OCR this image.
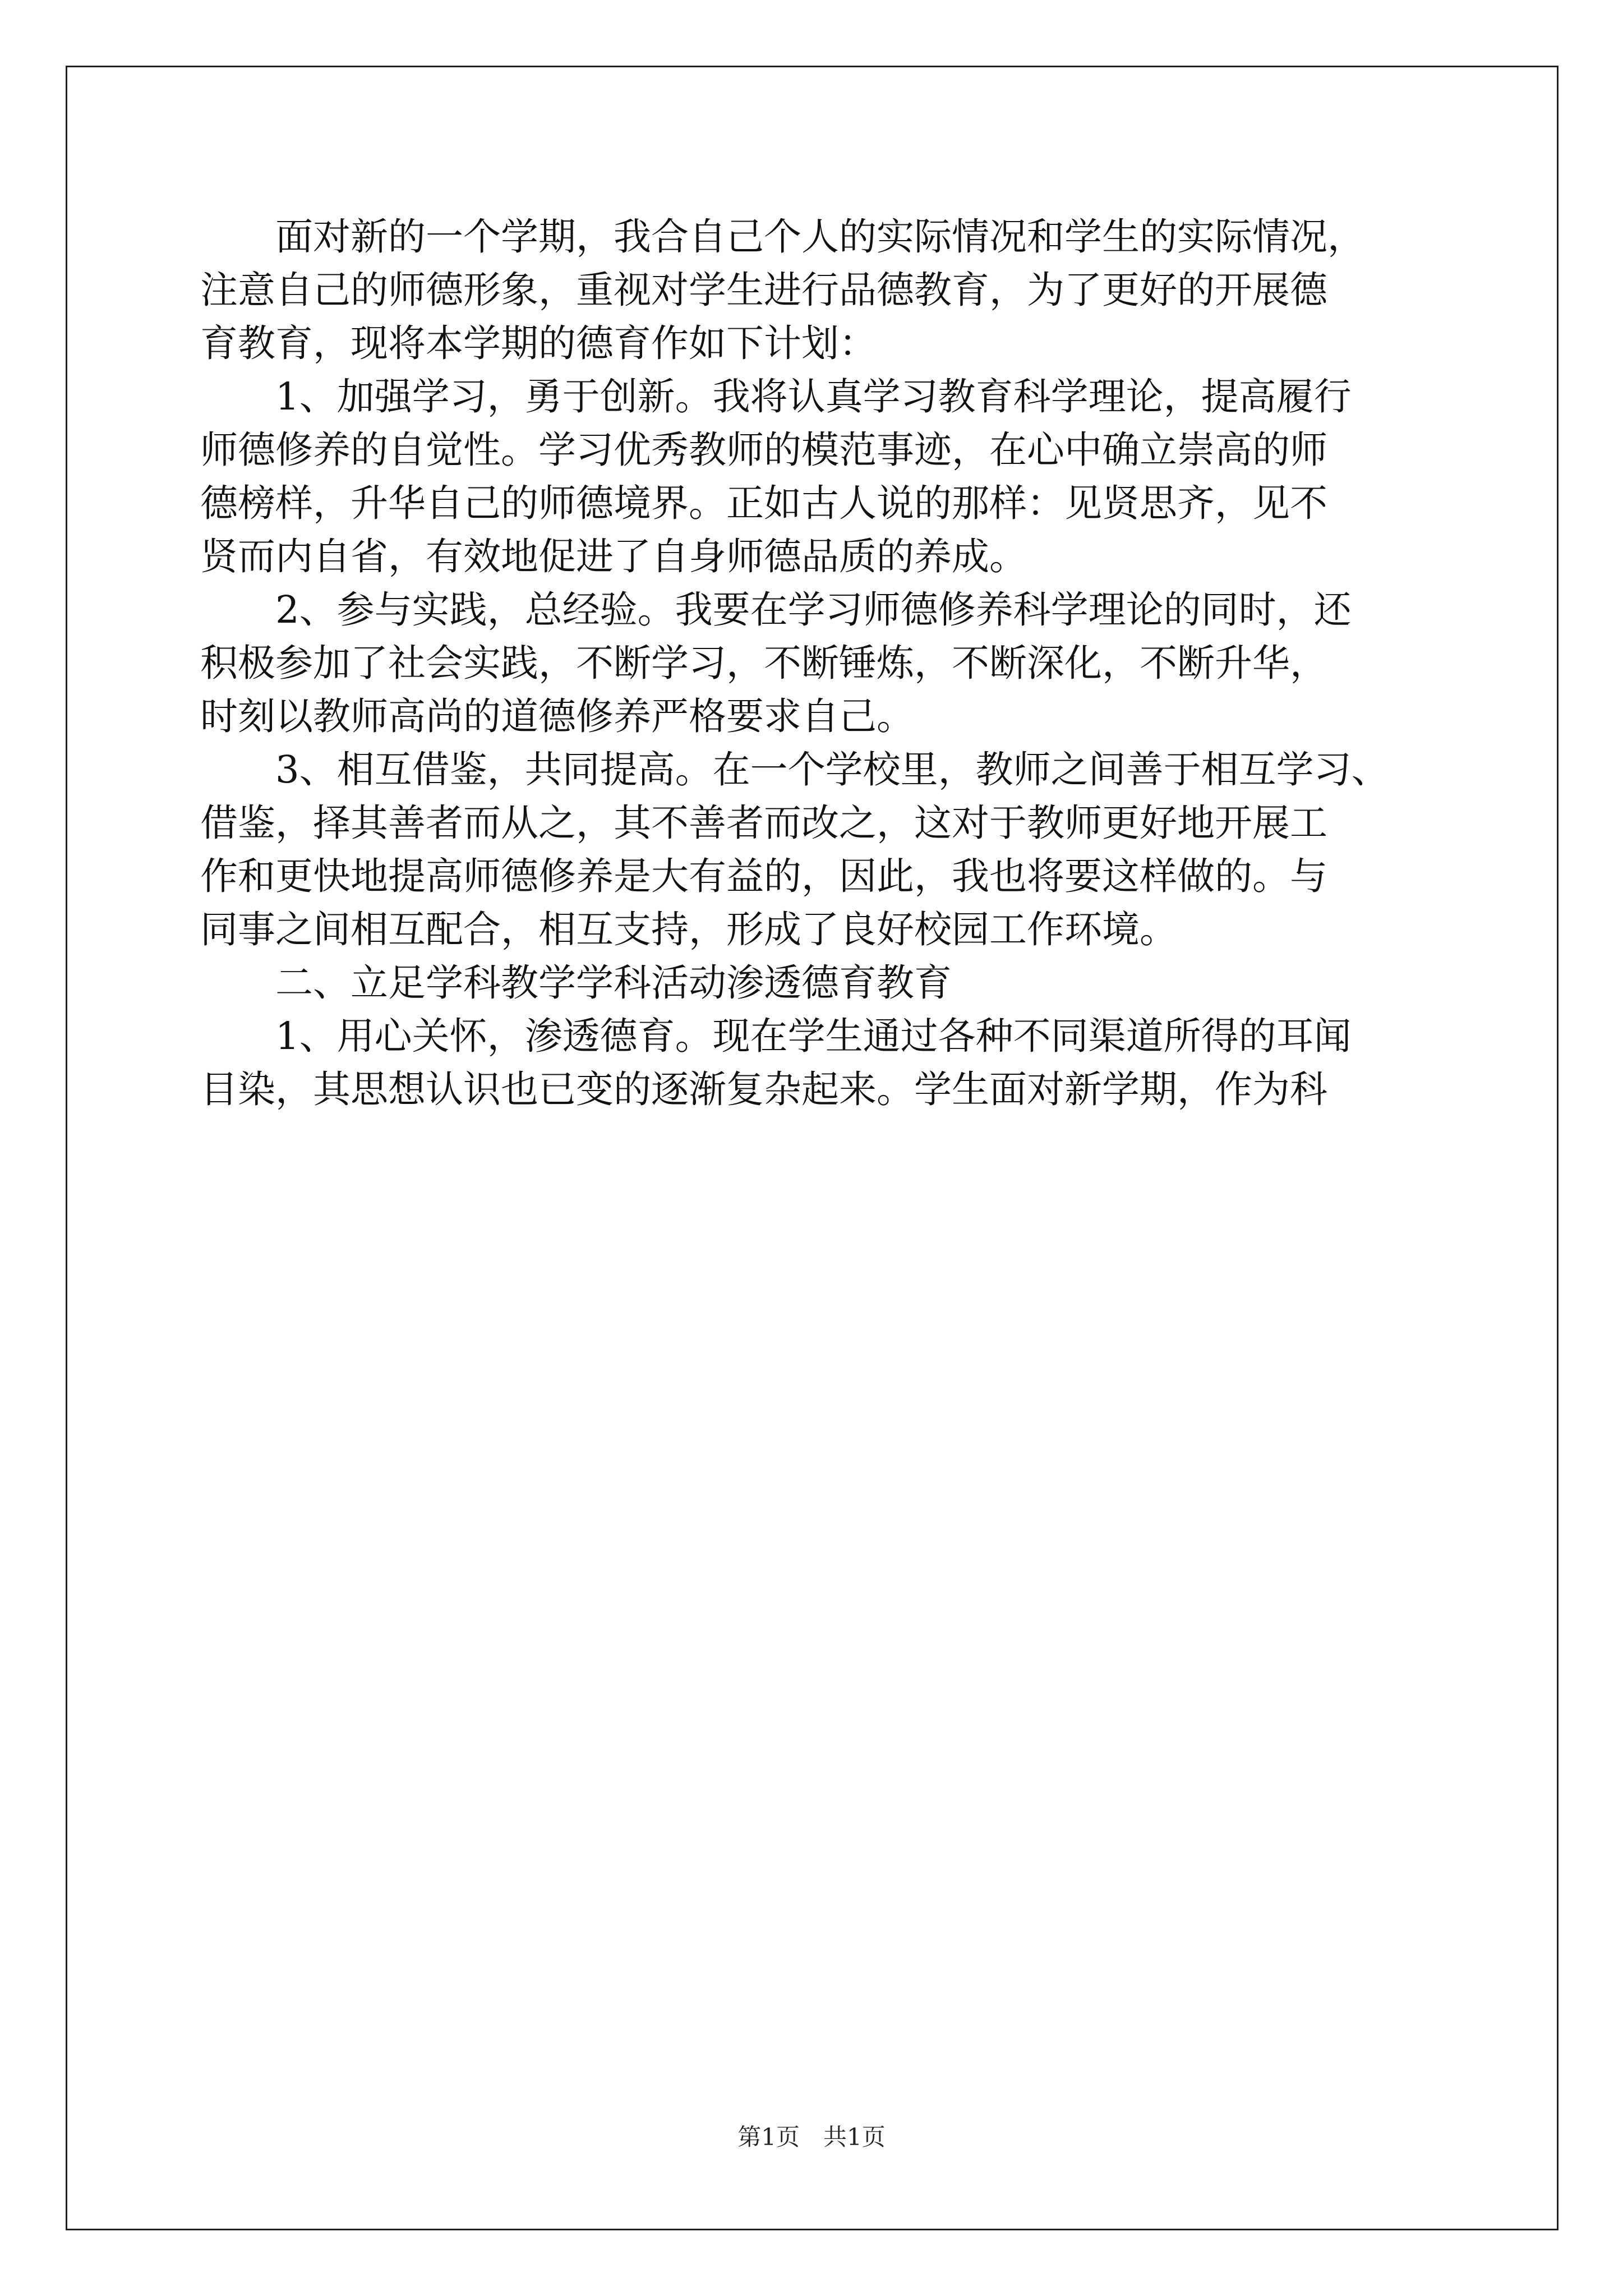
　　面对新的一个学期，我合自己个人的实际情况和学生的实际情况，
注意自己的师德形象，重视对学生进行品德教育，为了更好的开展德
育教育，现将本学期的德育作如下计划：
　　1、加强学习，勇于创新。我将认真学习教育科学理论，提高履行
师德修养的自觉性。学习优秀教师的模范事迹，在心中确立崇高的师
德榜样，升华自己的师德境界。正如古人说的那样：见贤思齐，见不
贤而内自省，有效地促进了自身师德品质的养成。
　　2、参与实践，总经验。我要在学习师德修养科学理论的同时，还
积极参加了社会实践，不断学习，不断锤炼，不断深化，不断升华，
时刻以教师高尚的道德修养严格要求自己。
　　3、相互借鉴，共同提高。在一个学校里，教师之间善于相互学习、
借鉴，择其善者而从之，其不善者而改之，这对于教师更好地开展工
作和更快地提高师德修养是大有益的，因此，我也将要这样做的。与
同事之间相互配合，相互支持，形成了良好校园工作环境。
　　二、立足学科教学学科活动渗透德育教育
　　1、用心关怀，渗透德育。现在学生通过各种不同渠道所得的耳闻
目染，其思想认识也已变的逐渐复杂起来。学生面对新学期，作为科
第1页　共1页
